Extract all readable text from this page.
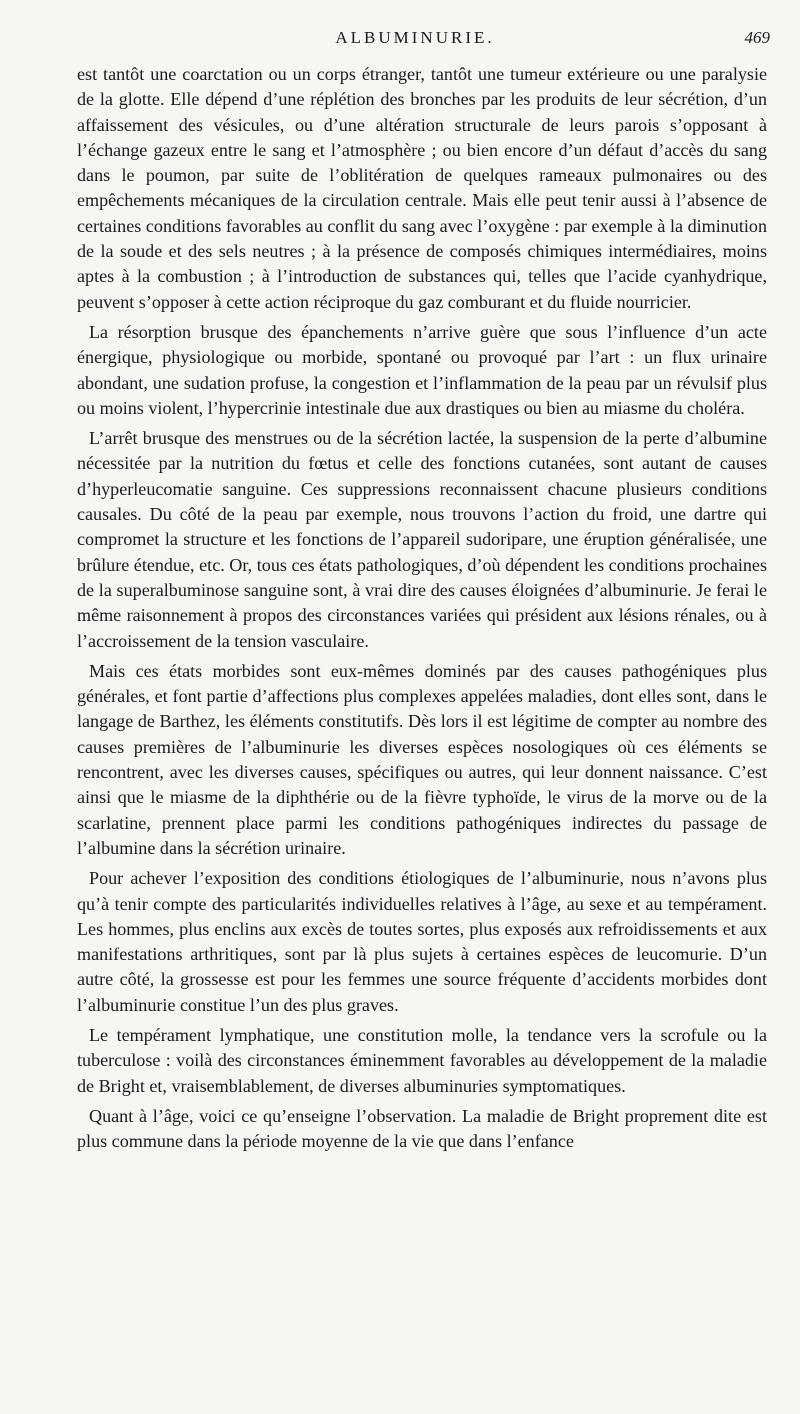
ALBUMINURIE.	469

est tantôt une coarctation ou un corps étranger, tantôt une tumeur extérieure ou une paralysie de la glotte. Elle dépend d’une réplétion des bronches par les produits de leur sécrétion, d’un affaissement des vésicules, ou d’une altération structurale de leurs parois s’opposant à l’échange gazeux entre le sang et l’atmosphère ; ou bien encore d’un défaut d’accès du sang dans le poumon, par suite de l’oblitération de quelques rameaux pulmonaires ou des empêchements mécaniques de la circulation centrale. Mais elle peut tenir aussi à l’absence de certaines conditions favorables au conflit du sang avec l’oxygène : par exemple à la diminution de la soude et des sels neutres ; à la présence de composés chimiques intermédiaires, moins aptes à la combustion ; à l’introduction de substances qui, telles que l’acide cyanhydrique, peuvent s’opposer à cette action réciproque du gaz comburant et du fluide nourricier.

La résorption brusque des épanchements n’arrive guère que sous l’influence d’un acte énergique, physiologique ou morbide, spontané ou provoqué par l’art : un flux urinaire abondant, une sudation profuse, la congestion et l’inflammation de la peau par un révulsif plus ou moins violent, l’hypercrinie intestinale due aux drastiques ou bien au miasme du choléra.

L’arrêt brusque des menstrues ou de la sécrétion lactée, la suspension de la perte d’albumine nécessitée par la nutrition du fœtus et celle des fonctions cutanées, sont autant de causes d’hyperleucomatie sanguine. Ces suppressions reconnaissent chacune plusieurs conditions causales. Du côté de la peau par exemple, nous trouvons l’action du froid, une dartre qui compromet la structure et les fonctions de l’appareil sudoripare, une éruption généralisée, une brûlure étendue, etc. Or, tous ces états pathologiques, d’où dépendent les conditions prochaines de la superalbuminose sanguine sont, à vrai dire des causes éloignées d’albuminurie. Je ferai le même raisonnement à propos des circonstances variées qui président aux lésions rénales, ou à l’accroissement de la tension vasculaire.

Mais ces états morbides sont eux-mêmes dominés par des causes pathogéniques plus générales, et font partie d’affections plus complexes appelées maladies, dont elles sont, dans le langage de Barthez, les éléments constitutifs. Dès lors il est légitime de compter au nombre des causes premières de l’albuminurie les diverses espèces nosologiques où ces éléments se rencontrent, avec les diverses causes, spécifiques ou autres, qui leur donnent naissance. C’est ainsi que le miasme de la diphthérie ou de la fièvre typhoïde, le virus de la morve ou de la scarlatine, prennent place parmi les conditions pathogéniques indirectes du passage de l’albumine dans la sécrétion urinaire.

Pour achever l’exposition des conditions étiologiques de l’albuminurie, nous n’avons plus qu’à tenir compte des particularités individuelles relatives à l’âge, au sexe et au tempérament. Les hommes, plus enclins aux excès de toutes sortes, plus exposés aux refroidissements et aux manifestations arthritiques, sont par là plus sujets à certaines espèces de leucomurie. D’un autre côté, la grossesse est pour les femmes une source fréquente d’accidents morbides dont l’albuminurie constitue l’un des plus graves.

Le tempérament lymphatique, une constitution molle, la tendance vers la scrofule ou la tuberculose : voilà des circonstances éminemment favorables au développement de la maladie de Bright et, vraisemblablement, de diverses albuminuries symptomatiques.

Quant à l’âge, voici ce qu’enseigne l’observation. La maladie de Bright proprement dite est plus commune dans la période moyenne de la vie que dans l’enfance
